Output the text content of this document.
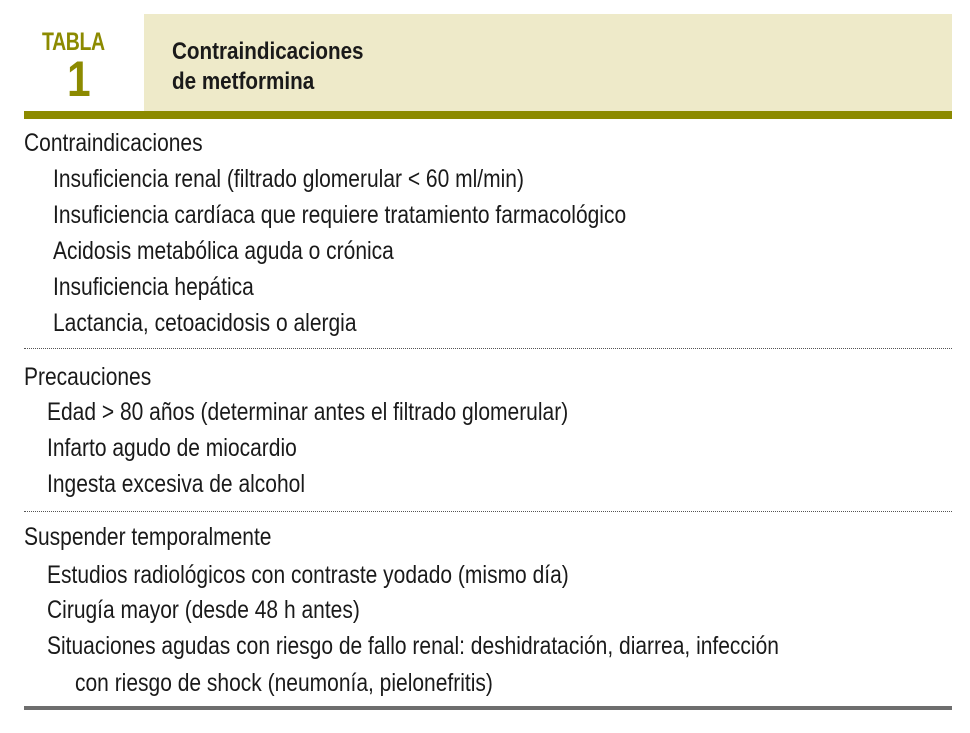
TABLA
1	Contraindicaciones
de metformina
Contraindicaciones
Insuficiencia renal (filtrado glomerular < 60 ml/min)
Insuficiencia cardíaca que requiere tratamiento farmacológico
Acidosis metabólica aguda o crónica
Insuficiencia hepática
Lactancia, cetoacidosis o alergia
Precauciones
Edad > 80 años (determinar antes el filtrado glomerular)
Infarto agudo de miocardio
Ingesta excesiva de alcohol
Suspender temporalmente
Estudios radiológicos con contraste yodado (mismo día)
Cirugía mayor (desde 48 h antes)
Situaciones agudas con riesgo de fallo renal: deshidratación, diarrea, infección
con riesgo de shock (neumonía, pielonefritis)
